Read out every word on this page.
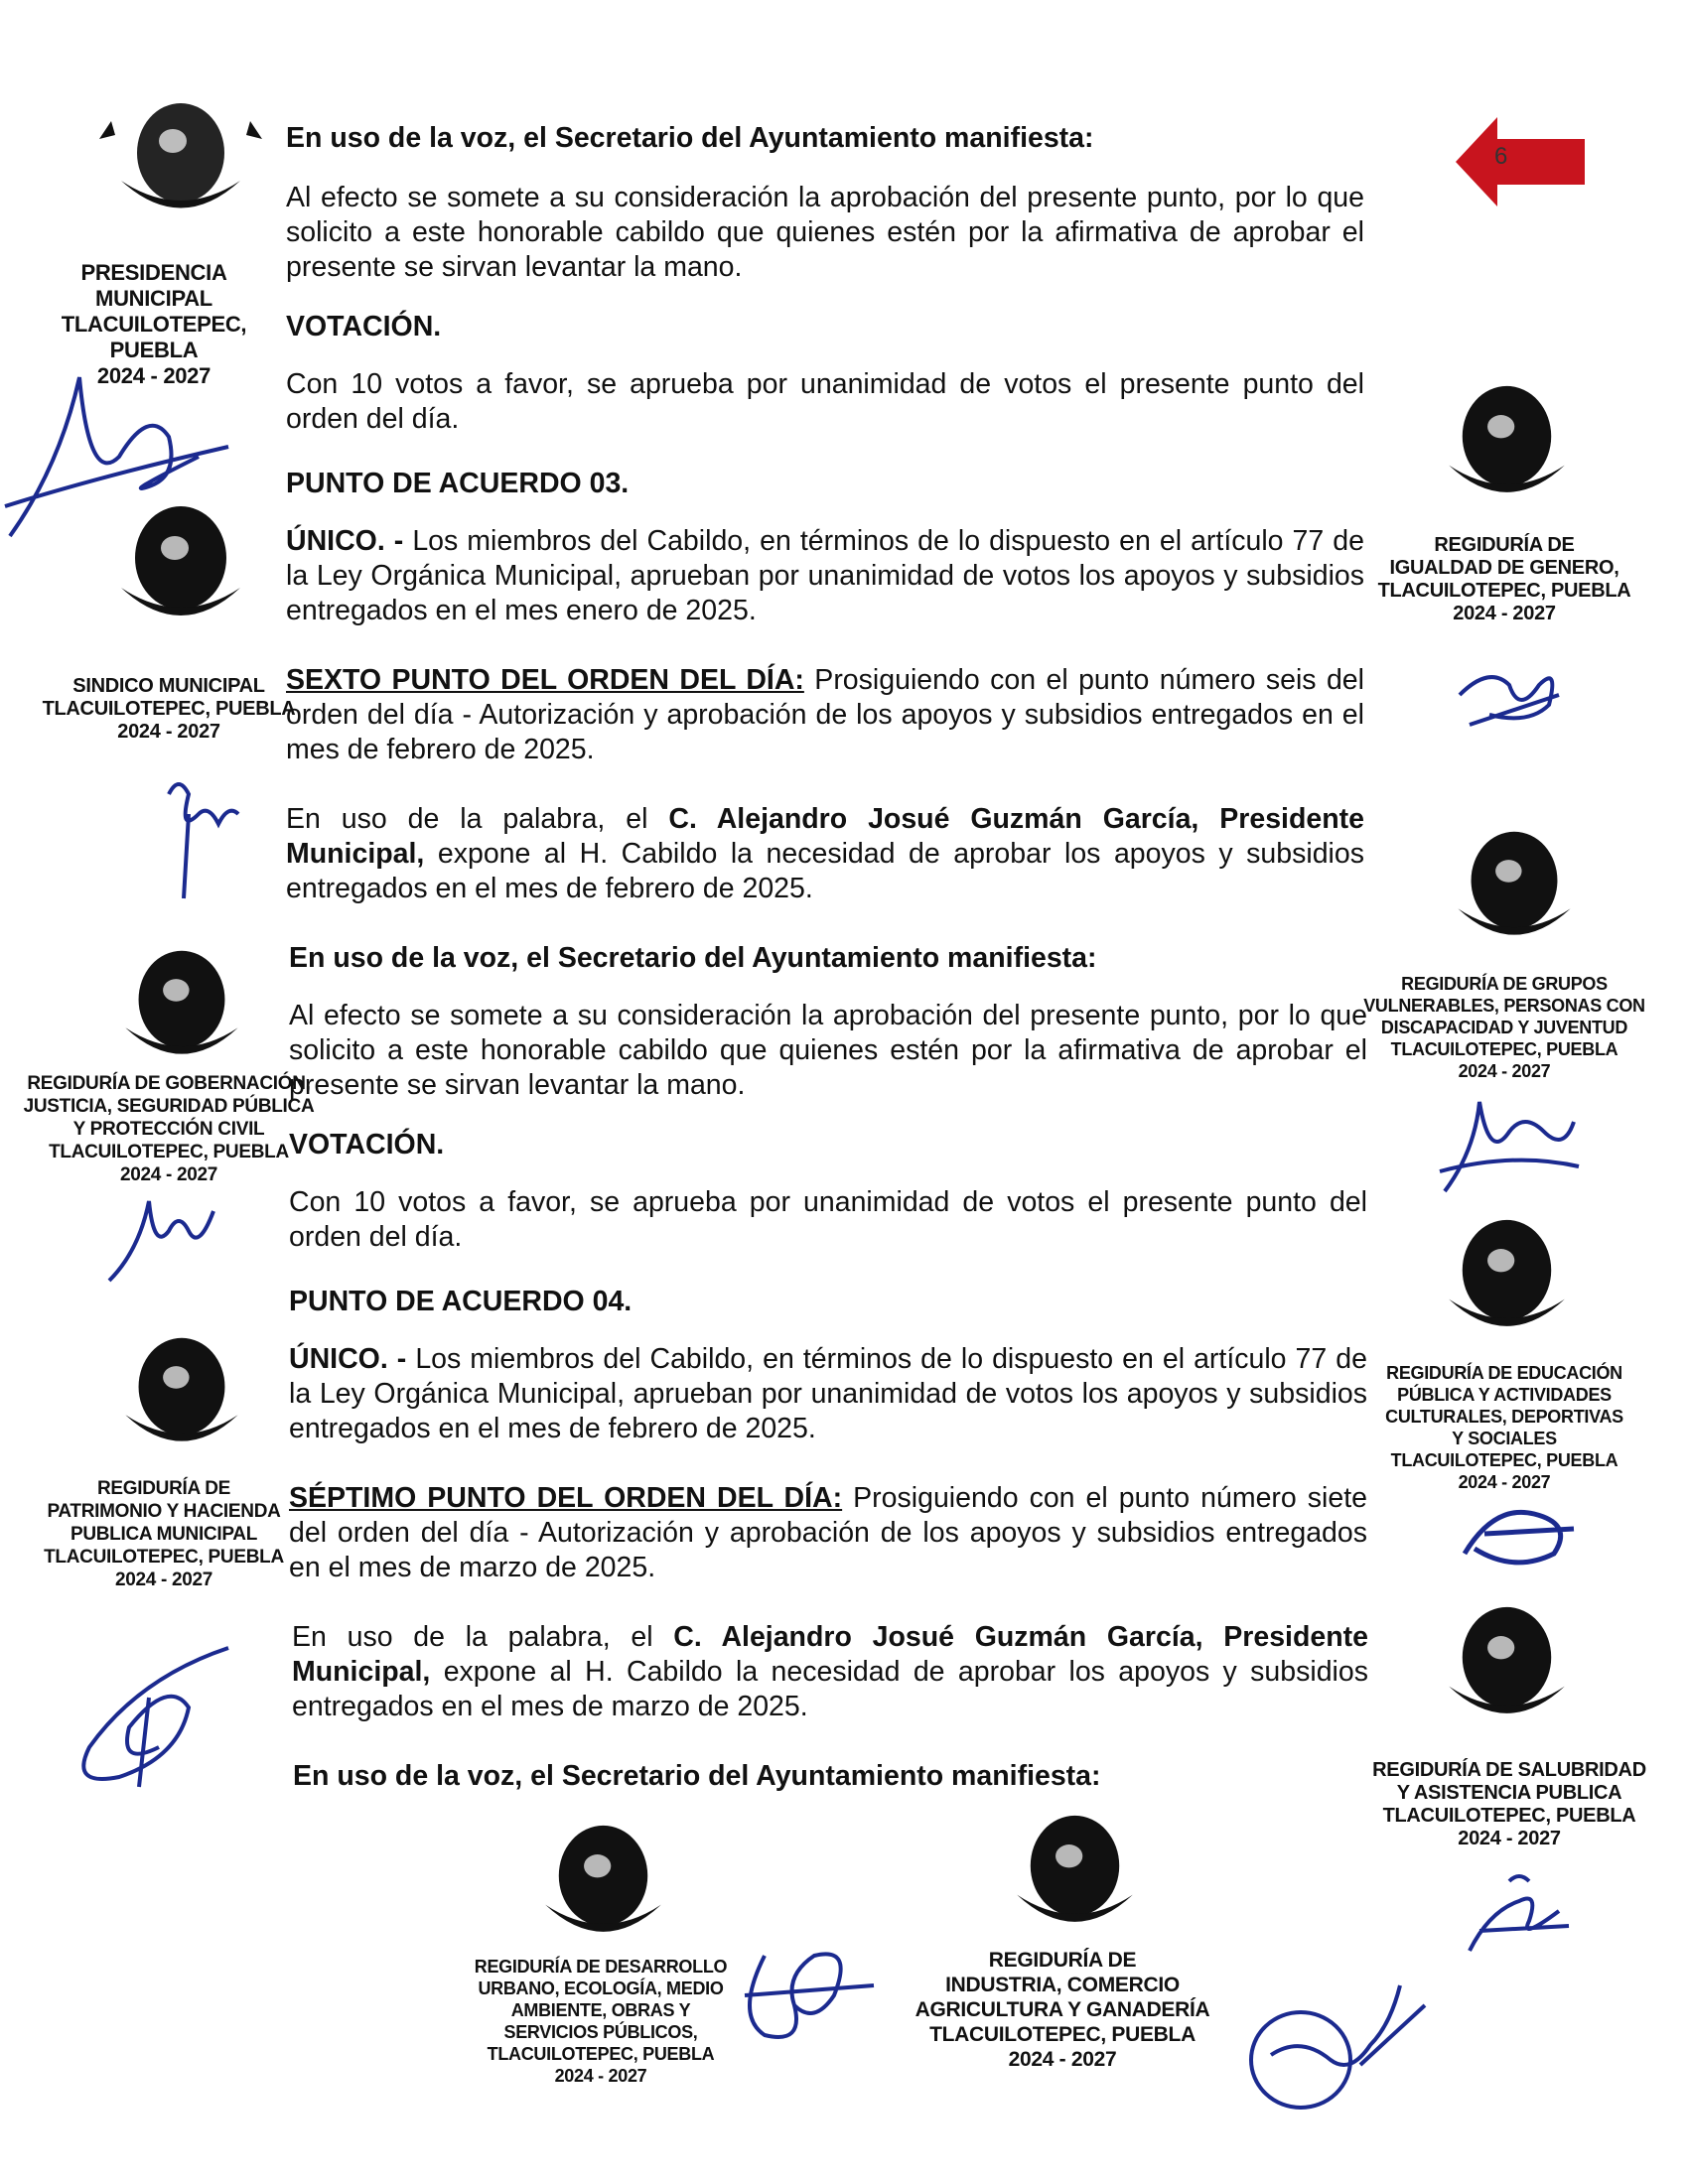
6

En uso de la voz, el Secretario del Ayuntamiento manifiesta:

Al efecto se somete a su consideración la aprobación del presente punto, por lo que solicito a este honorable cabildo que quienes estén por la afirmativa de aprobar el presente se sirvan levantar la mano.

VOTACIÓN.

Con 10 votos a favor, se aprueba por unanimidad de votos el presente punto del orden del día.

PUNTO DE ACUERDO 03.

ÚNICO. - Los miembros del Cabildo, en términos de lo dispuesto en el artículo 77 de la Ley Orgánica Municipal, aprueban por unanimidad de votos los apoyos y subsidios entregados en el mes enero de 2025.

SEXTO PUNTO DEL ORDEN DEL DÍA: Prosiguiendo con el punto número seis del orden del día - Autorización y aprobación de los apoyos y subsidios entregados en el mes de febrero de 2025.

En uso de la palabra, el C. Alejandro Josué Guzmán García, Presidente Municipal, expone al H. Cabildo la necesidad de aprobar los apoyos y subsidios entregados en el mes de febrero de 2025.

En uso de la voz, el Secretario del Ayuntamiento manifiesta:

Al efecto se somete a su consideración la aprobación del presente punto, por lo que solicito a este honorable cabildo que quienes estén por la afirmativa de aprobar el presente se sirvan levantar la mano.

VOTACIÓN.

Con 10 votos a favor, se aprueba por unanimidad de votos el presente punto del orden del día.

PUNTO DE ACUERDO 04.

ÚNICO. - Los miembros del Cabildo, en términos de lo dispuesto en el artículo 77 de la Ley Orgánica Municipal, aprueban por unanimidad de votos los apoyos y subsidios entregados en el mes de febrero de 2025.

SÉPTIMO PUNTO DEL ORDEN DEL DÍA: Prosiguiendo con el punto número siete del orden del día - Autorización y aprobación de los apoyos y subsidios entregados en el mes de marzo de 2025.

En uso de la palabra, el C. Alejandro Josué Guzmán García, Presidente Municipal, expone al H. Cabildo la necesidad de aprobar los apoyos y subsidios entregados en el mes de marzo de 2025.

En uso de la voz, el Secretario del Ayuntamiento manifiesta:

PRESIDENCIA
MUNICIPAL
TLACUILOTEPEC, PUEBLA
2024 - 2027
SINDICO MUNICIPAL
TLACUILOTEPEC, PUEBLA
2024 - 2027
REGIDURÍA DE GOBERNACIÓN,
JUSTICIA, SEGURIDAD PÚBLICA
Y PROTECCIÓN CIVIL
TLACUILOTEPEC, PUEBLA
2024 - 2027
REGIDURÍA DE
PATRIMONIO Y HACIENDA
PUBLICA MUNICIPAL
TLACUILOTEPEC, PUEBLA
2024 - 2027
REGIDURÍA DE
IGUALDAD DE GENERO,
TLACUILOTEPEC, PUEBLA
2024 - 2027
REGIDURÍA DE GRUPOS
VULNERABLES, PERSONAS CON
DISCAPACIDAD Y JUVENTUD
TLACUILOTEPEC, PUEBLA
2024 - 2027
REGIDURÍA DE EDUCACIÓN
PÚBLICA Y ACTIVIDADES
CULTURALES, DEPORTIVAS
Y SOCIALES
TLACUILOTEPEC, PUEBLA
2024 - 2027
REGIDURÍA DE SALUBRIDAD
Y ASISTENCIA PUBLICA
TLACUILOTEPEC, PUEBLA
2024 - 2027
REGIDURÍA DE DESARROLLO
URBANO, ECOLOGÍA, MEDIO
AMBIENTE, OBRAS Y
SERVICIOS PÚBLICOS,
TLACUILOTEPEC, PUEBLA
2024 - 2027
REGIDURÍA DE
INDUSTRIA, COMERCIO
AGRICULTURA Y GANADERÍA
TLACUILOTEPEC, PUEBLA
2024 - 2027
